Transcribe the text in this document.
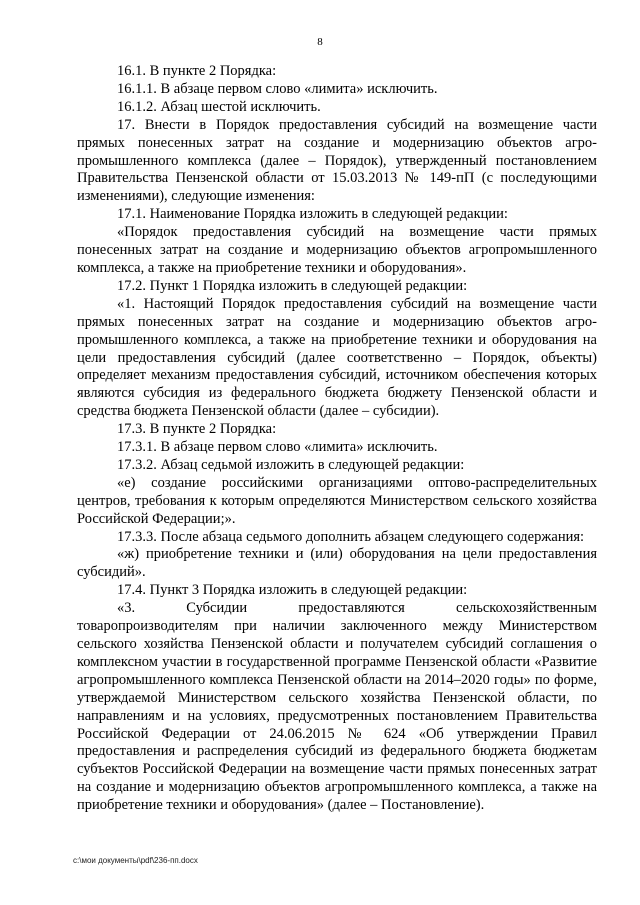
8

16.1. В пункте 2 Порядка:

16.1.1. В абзаце первом слово «лимита» исключить.

16.1.2. Абзац шестой исключить.

17. Внести в Порядок предоставления субсидий на возмещение части прямых понесенных затрат на создание и модернизацию объектов агропромышленного комплекса (далее – Порядок), утвержденный постановлением Правительства Пензенской области от 15.03.2013 № 149-пП (с последующими изменениями), следующие изменения:

17.1. Наименование Порядка изложить в следующей редакции:

«Порядок предоставления субсидий на возмещение части прямых понесенных затрат на создание и модернизацию объектов агропромышленного комплекса, а также на приобретение техники и оборудования».

17.2. Пункт 1 Порядка изложить в следующей редакции:

«1. Настоящий Порядок предоставления субсидий на возмещение части прямых понесенных затрат на создание и модернизацию объектов агропромышленного комплекса, а также на приобретение техники и оборудования на цели предоставления субсидий (далее соответственно – Порядок, объекты) определяет механизм предоставления субсидий, источником обеспечения которых являются субсидия из федерального бюджета бюджету Пензенской области и средства бюджета Пензенской области (далее – субсидии).

17.3. В пункте 2 Порядка:

17.3.1. В абзаце первом слово «лимита» исключить.

17.3.2. Абзац седьмой изложить в следующей редакции:

«е) создание российскими организациями оптово-распределительных центров, требования к которым определяются Министерством сельского хозяйства Российской Федерации;».

17.3.3. После абзаца седьмого дополнить абзацем следующего содержания:

«ж) приобретение техники и (или) оборудования на цели предоставления субсидий».

17.4. Пункт 3 Порядка изложить в следующей редакции:

«3. Субсидии предоставляются сельскохозяйственным товаропроизводителям при наличии заключенного между Министерством сельского хозяйства Пензенской области и получателем субсидий соглашения о комплексном участии в государственной программе Пензенской области «Развитие агропромышленного комплекса Пензенской области на 2014–2020 годы» по форме, утверждаемой Министерством сельского хозяйства Пензенской области, по направлениям и на условиях, предусмотренных постановлением Правительства Российской Федерации от 24.06.2015 № 624 «Об утверждении Правил предоставления и распределения субсидий из федерального бюджета бюджетам субъектов Российской Федерации на возмещение части прямых понесенных затрат на создание и модернизацию объектов агропромышленного комплекса, а также на приобретение техники и оборудования» (далее – Постановление).

c:\мои документы\pdf\236-пп.docx
